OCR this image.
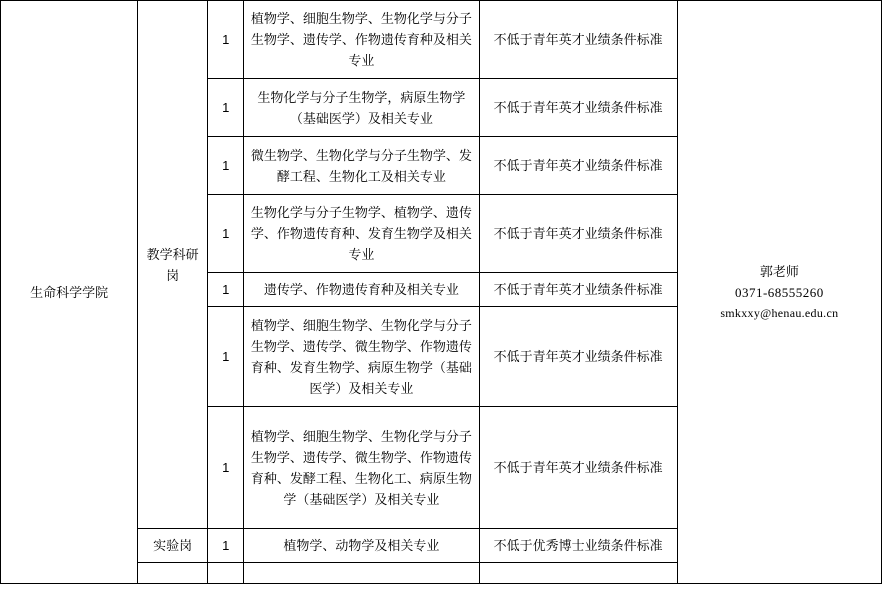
生命科学学院	教学科研岗	1	植物学、细胞生物学、生物化学与分子生物学、遗传学、作物遗传育种及相关专业	不低于青年英才业绩条件标准	郭老师
0371-68555260
smkxxy@henau.edu.cn

		1	生物化学与分子生物学，病原生物学（基础医学）及相关专业	不低于青年英才业绩条件标准	
		1	微生物学、生物化学与分子生物学、发酵工程、生物化工及相关专业	不低于青年英才业绩条件标准	
		1	生物化学与分子生物学、植物学、遗传学、作物遗传育种、发育生物学及相关专业	不低于青年英才业绩条件标准	
		1	遗传学、作物遗传育种及相关专业	不低于青年英才业绩条件标准	
		1	植物学、细胞生物学、生物化学与分子生物学、遗传学、微生物学、作物遗传育种、发育生物学、病原生物学（基础医学）及相关专业	不低于青年英才业绩条件标准	
		1	植物学、细胞生物学、生物化学与分子生物学、遗传学、微生物学、作物遗传育种、发酵工程、生物化工、病原生物学（基础医学）及相关专业	不低于青年英才业绩条件标准	
	实验岗	1	植物学、动物学及相关专业	不低于优秀博士业绩条件标准	
